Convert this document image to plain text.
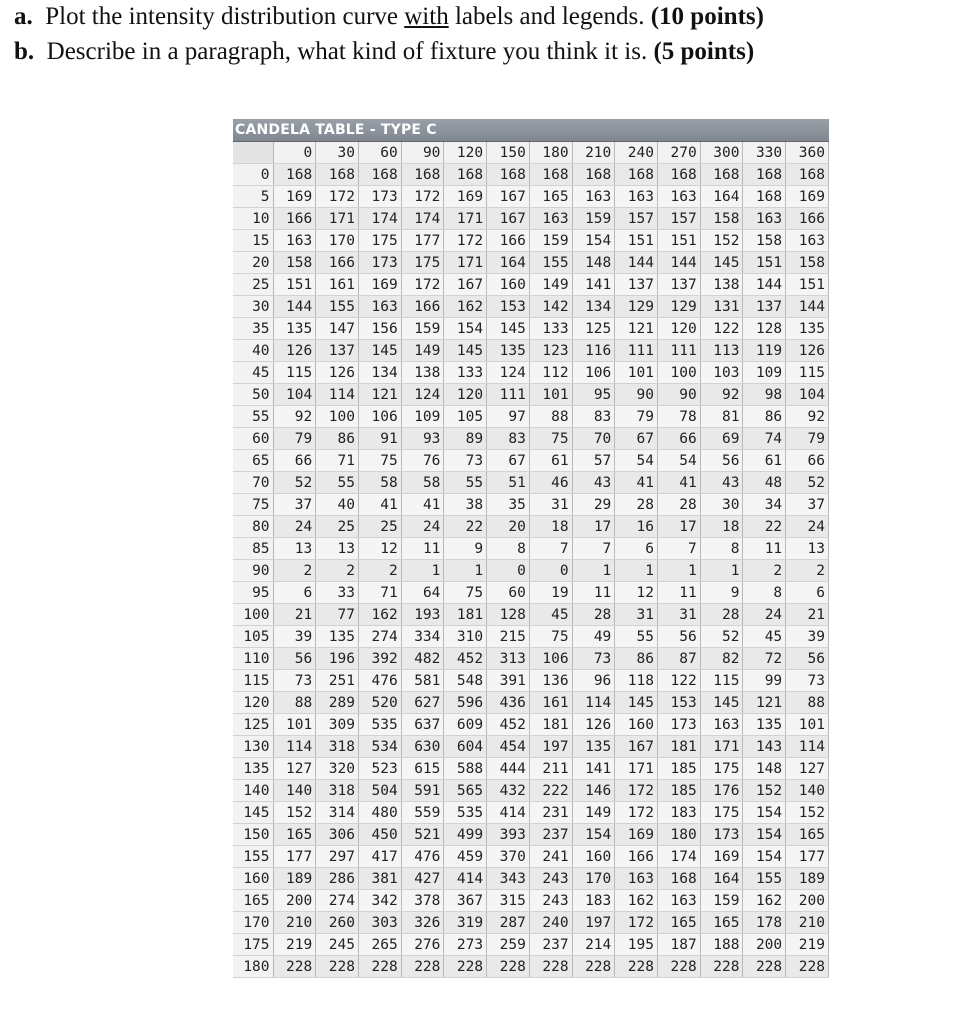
a. Plot the intensity distribution curve with labels and legends. (10 points)
b. Describe in a paragraph, what kind of fixture you think it is. (5 points)
CANDELA TABLE - TYPE C
	0	30	60	90	120	150	180	210	240	270	300	330	360
0	168	168	168	168	168	168	168	168	168	168	168	168	168
5	169	172	173	172	169	167	165	163	163	163	164	168	169
10	166	171	174	174	171	167	163	159	157	157	158	163	166
15	163	170	175	177	172	166	159	154	151	151	152	158	163
20	158	166	173	175	171	164	155	148	144	144	145	151	158
25	151	161	169	172	167	160	149	141	137	137	138	144	151
30	144	155	163	166	162	153	142	134	129	129	131	137	144
35	135	147	156	159	154	145	133	125	121	120	122	128	135
40	126	137	145	149	145	135	123	116	111	111	113	119	126
45	115	126	134	138	133	124	112	106	101	100	103	109	115
50	104	114	121	124	120	111	101	95	90	90	92	98	104
55	92	100	106	109	105	97	88	83	79	78	81	86	92
60	79	86	91	93	89	83	75	70	67	66	69	74	79
65	66	71	75	76	73	67	61	57	54	54	56	61	66
70	52	55	58	58	55	51	46	43	41	41	43	48	52
75	37	40	41	41	38	35	31	29	28	28	30	34	37
80	24	25	25	24	22	20	18	17	16	17	18	22	24
85	13	13	12	11	9	8	7	7	6	7	8	11	13
90	2	2	2	1	1	0	0	1	1	1	1	2	2
95	6	33	71	64	75	60	19	11	12	11	9	8	6
100	21	77	162	193	181	128	45	28	31	31	28	24	21
105	39	135	274	334	310	215	75	49	55	56	52	45	39
110	56	196	392	482	452	313	106	73	86	87	82	72	56
115	73	251	476	581	548	391	136	96	118	122	115	99	73
120	88	289	520	627	596	436	161	114	145	153	145	121	88
125	101	309	535	637	609	452	181	126	160	173	163	135	101
130	114	318	534	630	604	454	197	135	167	181	171	143	114
135	127	320	523	615	588	444	211	141	171	185	175	148	127
140	140	318	504	591	565	432	222	146	172	185	176	152	140
145	152	314	480	559	535	414	231	149	172	183	175	154	152
150	165	306	450	521	499	393	237	154	169	180	173	154	165
155	177	297	417	476	459	370	241	160	166	174	169	154	177
160	189	286	381	427	414	343	243	170	163	168	164	155	189
165	200	274	342	378	367	315	243	183	162	163	159	162	200
170	210	260	303	326	319	287	240	197	172	165	165	178	210
175	219	245	265	276	273	259	237	214	195	187	188	200	219
180	228	228	228	228	228	228	228	228	228	228	228	228	228
